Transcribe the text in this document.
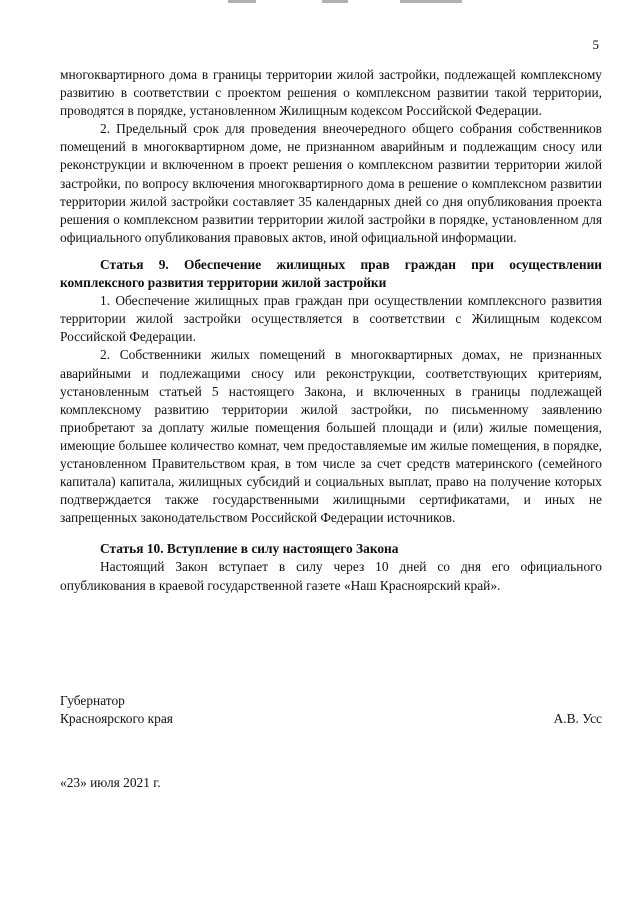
5

многоквартирного дома в границы территории жилой застройки, подлежащей комплексному развитию в соответствии с проектом решения о комплексном развитии такой территории, проводятся в порядке, установленном Жилищным кодексом Российской Федерации.

2. Предельный срок для проведения внеочередного общего собрания собственников помещений в многоквартирном доме, не признанном аварийным и подлежащим сносу или реконструкции и включенном в проект решения о комплексном развитии территории жилой застройки, по вопросу включения многоквартирного дома в решение о комплексном развитии территории жилой застройки составляет 35 календарных дней со дня опубликования проекта решения о комплексном развитии территории жилой застройки в порядке, установленном для официального опубликования правовых актов, иной официальной информации.

Статья 9. Обеспечение жилищных прав граждан при осуществлении комплексного развития территории жилой застройки

1. Обеспечение жилищных прав граждан при осуществлении комплексного развития территории жилой застройки осуществляется в соответствии с Жилищным кодексом Российской Федерации.

2. Собственники жилых помещений в многоквартирных домах, не признанных аварийными и подлежащими сносу или реконструкции, соответствующих критериям, установленным статьей 5 настоящего Закона, и включенных в границы подлежащей комплексному развитию территории жилой застройки, по письменному заявлению приобретают за доплату жилые помещения большей площади и (или) жилые помещения, имеющие большее количество комнат, чем предоставляемые им жилые помещения, в порядке, установленном Правительством края, в том числе за счет средств материнского (семейного капитала) капитала, жилищных субсидий и социальных выплат, право на получение которых подтверждается также государственными жилищными сертификатами, и иных не запрещенных законодательством Российской Федерации источников.

Статья 10. Вступление в силу настоящего Закона

Настоящий Закон вступает в силу через 10 дней со дня его официального опубликования в краевой государственной газете «Наш Красноярский край».

Губернатор
Красноярского края	А.В. Усс
«23» июля 2021 г.
